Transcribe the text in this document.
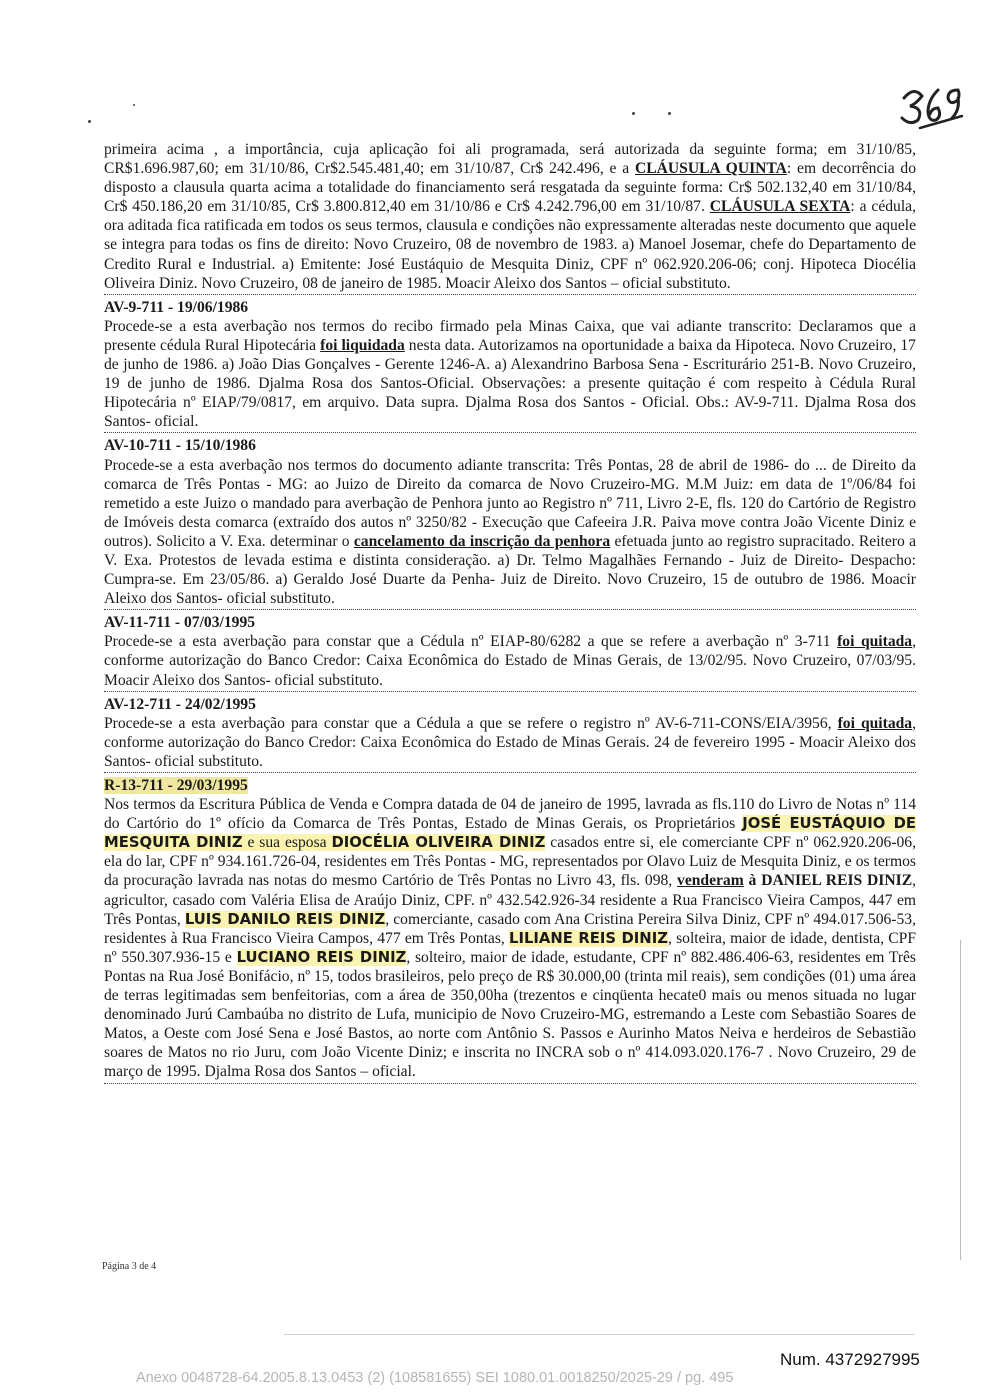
primeira acima , a importância, cuja aplicação foi ali programada, será autorizada da seguinte forma; em 31/10/85, CR$1.696.987,60; em 31/10/86, Cr$2.545.481,40; em 31/10/87, Cr$ 242.496, e a CLÁUSULA QUINTA: em decorrência do disposto a clausula quarta acima a totalidade do financiamento será resgatada da seguinte forma: Cr$ 502.132,40 em 31/10/84, Cr$ 450.186,20 em 31/10/85, Cr$ 3.800.812,40 em 31/10/86 e Cr$ 4.242.796,00 em 31/10/87. CLÁUSULA SEXTA: a cédula, ora aditada fica ratificada em todos os seus termos, clausula e condições não expressamente alteradas neste documento que aquele se integra para todas os fins de direito: Novo Cruzeiro, 08 de novembro de 1983. a) Manoel Josemar, chefe do Departamento de Credito Rural e Industrial. a) Emitente: José Eustáquio de Mesquita Diniz, CPF nº 062.920.206-06; conj. Hipoteca Diocélia Oliveira Diniz. Novo Cruzeiro, 08 de janeiro de 1985. Moacir Aleixo dos Santos – oficial substituto.

AV-9-711 - 19/06/1986

Procede-se a esta averbação nos termos do recibo firmado pela Minas Caixa, que vai adiante transcrito: Declaramos que a presente cédula Rural Hipotecária foi liquidada nesta data. Autorizamos na oportunidade a baixa da Hipoteca. Novo Cruzeiro, 17 de junho de 1986. a) João Dias Gonçalves - Gerente 1246-A. a) Alexandrino Barbosa Sena - Escriturário 251-B. Novo Cruzeiro, 19 de junho de 1986. Djalma Rosa dos Santos-Oficial. Observações: a presente quitação é com respeito à Cédula Rural Hipotecária nº EIAP/79/0817, em arquivo. Data supra. Djalma Rosa dos Santos - Oficial. Obs.: AV-9-711. Djalma Rosa dos Santos- oficial.

AV-10-711 - 15/10/1986

Procede-se a esta averbação nos termos do documento adiante transcrita: Três Pontas, 28 de abril de 1986- do ... de Direito da comarca de Três Pontas - MG: ao Juizo de Direito da comarca de Novo Cruzeiro-MG. M.M Juiz: em data de 1º/06/84 foi remetido a este Juizo o mandado para averbação de Penhora junto ao Registro nº 711, Livro 2-E, fls. 120 do Cartório de Registro de Imóveis desta comarca (extraído dos autos nº 3250/82 - Execução que Cafeeira J.R. Paiva move contra João Vicente Diniz e outros). Solicito a V. Exa. determinar o cancelamento da inscrição da penhora efetuada junto ao registro supracitado. Reitero a V. Exa. Protestos de levada estima e distinta consideração. a) Dr. Telmo Magalhães Fernando - Juiz de Direito- Despacho: Cumpra-se. Em 23/05/86. a) Geraldo José Duarte da Penha- Juiz de Direito. Novo Cruzeiro, 15 de outubro de 1986. Moacir Aleixo dos Santos- oficial substituto.

AV-11-711 - 07/03/1995

Procede-se a esta averbação para constar que a Cédula nº EIAP-80/6282 a que se refere a averbação nº 3-711 foi quitada, conforme autorização do Banco Credor: Caixa Econômica do Estado de Minas Gerais, de 13/02/95. Novo Cruzeiro, 07/03/95. Moacir Aleixo dos Santos- oficial substituto.

AV-12-711 - 24/02/1995

Procede-se a esta averbação para constar que a Cédula a que se refere o registro nº AV-6-711-CONS/EIA/3956, foi quitada, conforme autorização do Banco Credor: Caixa Econômica do Estado de Minas Gerais. 24 de fevereiro 1995 - Moacir Aleixo dos Santos- oficial substituto.

R-13-711 - 29/03/1995

Nos termos da Escritura Pública de Venda e Compra datada de 04 de janeiro de 1995, lavrada as fls.110 do Livro de Notas nº 114 do Cartório do 1º ofício da Comarca de Três Pontas, Estado de Minas Gerais, os Proprietários JOSÉ EUSTÁQUIO DE MESQUITA DINIZ e sua esposa DIOCÉLIA OLIVEIRA DINIZ casados entre si, ele comerciante CPF nº 062.920.206-06, ela do lar, CPF nº 934.161.726-04, residentes em Três Pontas - MG, representados por Olavo Luiz de Mesquita Diniz, e os termos da procuração lavrada nas notas do mesmo Cartório de Três Pontas no Livro 43, fls. 098, venderam à DANIEL REIS DINIZ, agricultor, casado com Valéria Elisa de Araújo Diniz, CPF. nº 432.542.926-34 residente a Rua Francisco Vieira Campos, 447 em Três Pontas, LUIS DANILO REIS DINIZ, comerciante, casado com Ana Cristina Pereira Silva Diniz, CPF nº 494.017.506-53, residentes à Rua Francisco Vieira Campos, 477 em Três Pontas, LILIANE REIS DINIZ, solteira, maior de idade, dentista, CPF nº 550.307.936-15 e LUCIANO REIS DINIZ, solteiro, maior de idade, estudante, CPF nº 882.486.406-63, residentes em Três Pontas na Rua José Bonifácio, nº 15, todos brasileiros, pelo preço de R$ 30.000,00 (trinta mil reais), sem condições (01) uma área de terras legitimadas sem benfeitorias, com a área de 350,00ha (trezentos e cinqüenta hecate0 mais ou menos situada no lugar denominado Jurú Cambaúba no distrito de Lufa, municipio de Novo Cruzeiro-MG, estremando a Leste com Sebastião Soares de Matos, a Oeste com José Sena e José Bastos, ao norte com Antônio S. Passos e Aurinho Matos Neiva e herdeiros de Sebastião soares de Matos no rio Juru, com João Vicente Diniz; e inscrita no INCRA sob o nº 414.093.020.176-7 . Novo Cruzeiro, 29 de março de 1995. Djalma Rosa dos Santos – oficial.

Página 3 de 4
Num. 4372927995
Anexo 0048728-64.2005.8.13.0453 (2) (108581655) SEI 1080.01.0018250/2025-29 / pg. 495
